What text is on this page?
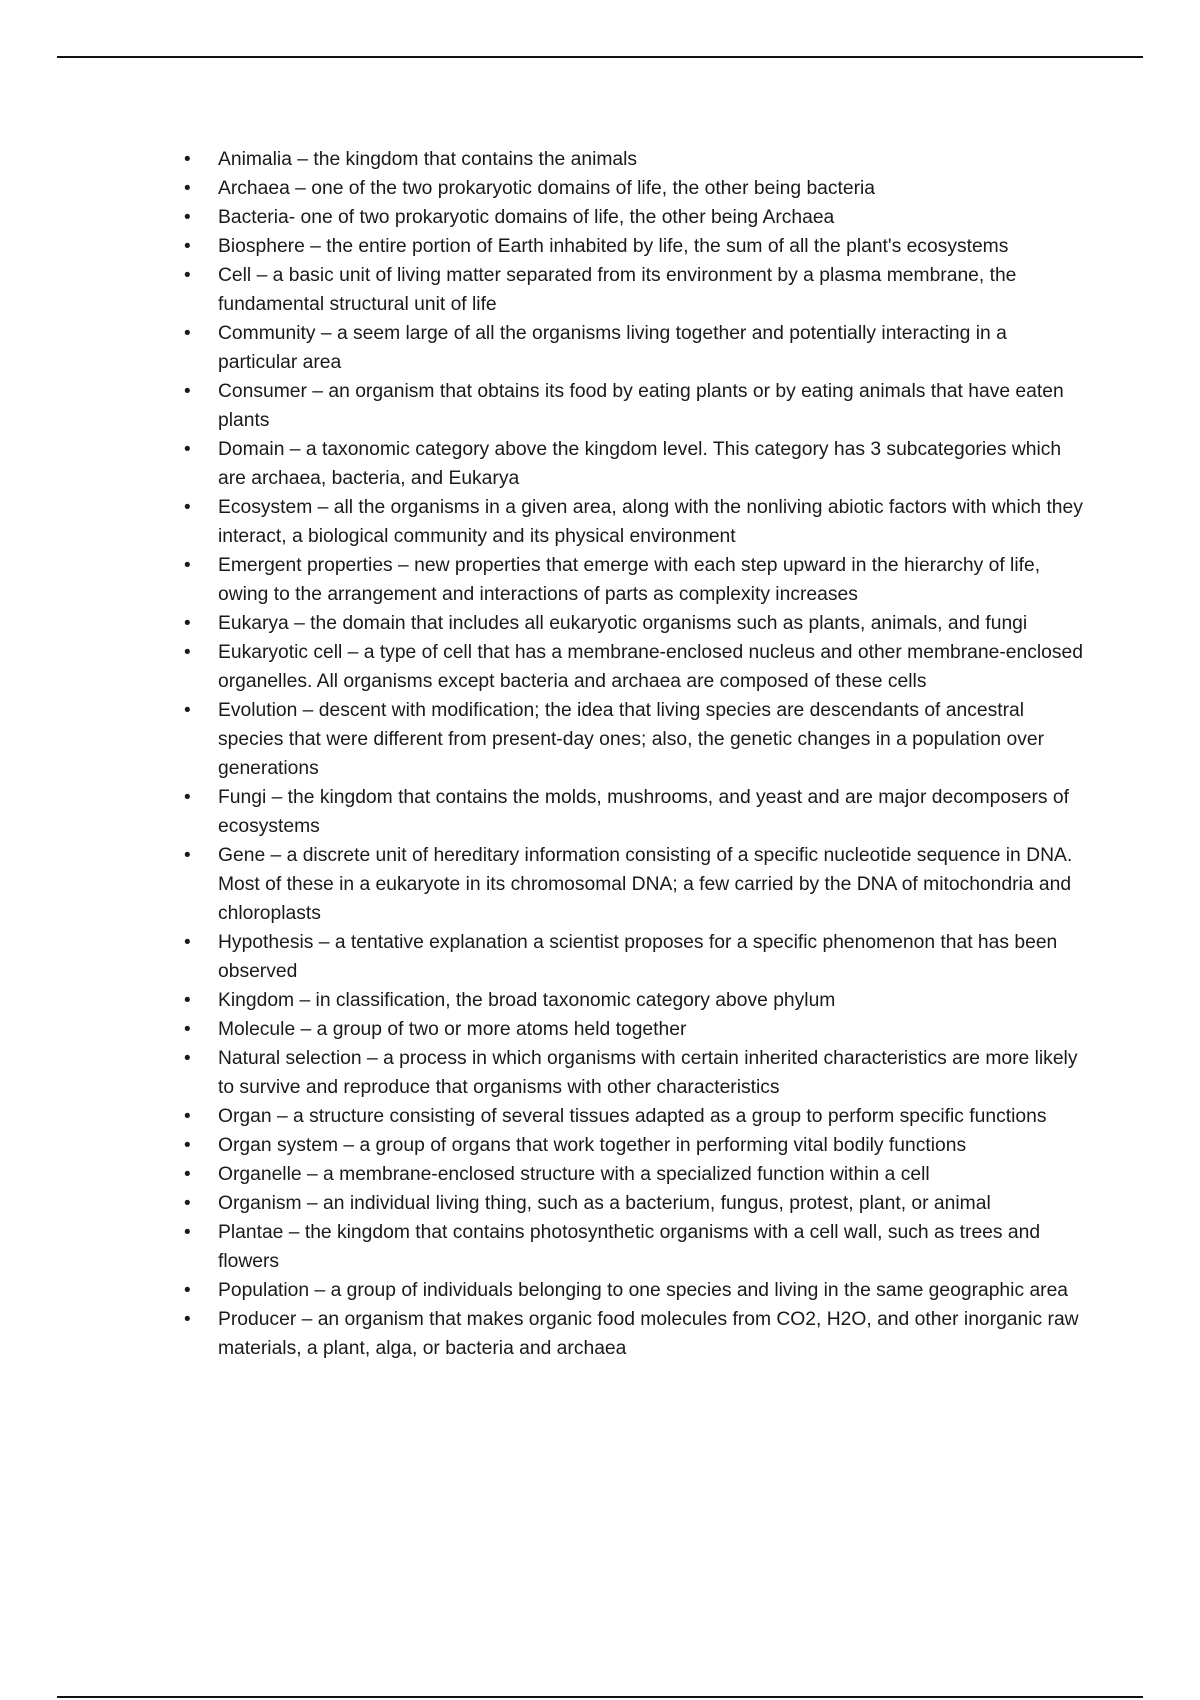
• Animalia – the kingdom that contains the animals
• Archaea – one of the two prokaryotic domains of life, the other being bacteria
• Bacteria- one of two prokaryotic domains of life, the other being Archaea
• Biosphere – the entire portion of Earth inhabited by life, the sum of all the plant's ecosystems
• Cell – a basic unit of living matter separated from its environment by a plasma membrane, the fundamental structural unit of life
• Community – a seem large of all the organisms living together and potentially interacting in a particular area
• Consumer – an organism that obtains its food by eating plants or by eating animals that have eaten plants
• Domain – a taxonomic category above the kingdom level. This category has 3 subcategories which are archaea, bacteria, and Eukarya
• Ecosystem – all the organisms in a given area, along with the nonliving abiotic factors with which they interact, a biological community and its physical environment
• Emergent properties – new properties that emerge with each step upward in the hierarchy of life, owing to the arrangement and interactions of parts as complexity increases
• Eukarya – the domain that includes all eukaryotic organisms such as plants, animals, and fungi
• Eukaryotic cell – a type of cell that has a membrane-enclosed nucleus and other membrane-enclosed organelles. All organisms except bacteria and archaea are composed of these cells
• Evolution – descent with modification; the idea that living species are descendants of ancestral species that were different from present-day ones; also, the genetic changes in a population over generations
• Fungi – the kingdom that contains the molds, mushrooms, and yeast and are major decomposers of ecosystems
• Gene – a discrete unit of hereditary information consisting of a specific nucleotide sequence in DNA. Most of these in a eukaryote in its chromosomal DNA; a few carried by the DNA of mitochondria and chloroplasts
• Hypothesis – a tentative explanation a scientist proposes for a specific phenomenon that has been observed
• Kingdom – in classification, the broad taxonomic category above phylum
• Molecule – a group of two or more atoms held together
• Natural selection – a process in which organisms with certain inherited characteristics are more likely to survive and reproduce that organisms with other characteristics
• Organ – a structure consisting of several tissues adapted as a group to perform specific functions
• Organ system – a group of organs that work together in performing vital bodily functions
• Organelle – a membrane-enclosed structure with a specialized function within a cell
• Organism – an individual living thing, such as a bacterium, fungus, protest, plant, or animal
• Plantae – the kingdom that contains photosynthetic organisms with a cell wall, such as trees and flowers
• Population – a group of individuals belonging to one species and living in the same geographic area
• Producer – an organism that makes organic food molecules from CO2, H2O, and other inorganic raw materials, a plant, alga, or bacteria and archaea
